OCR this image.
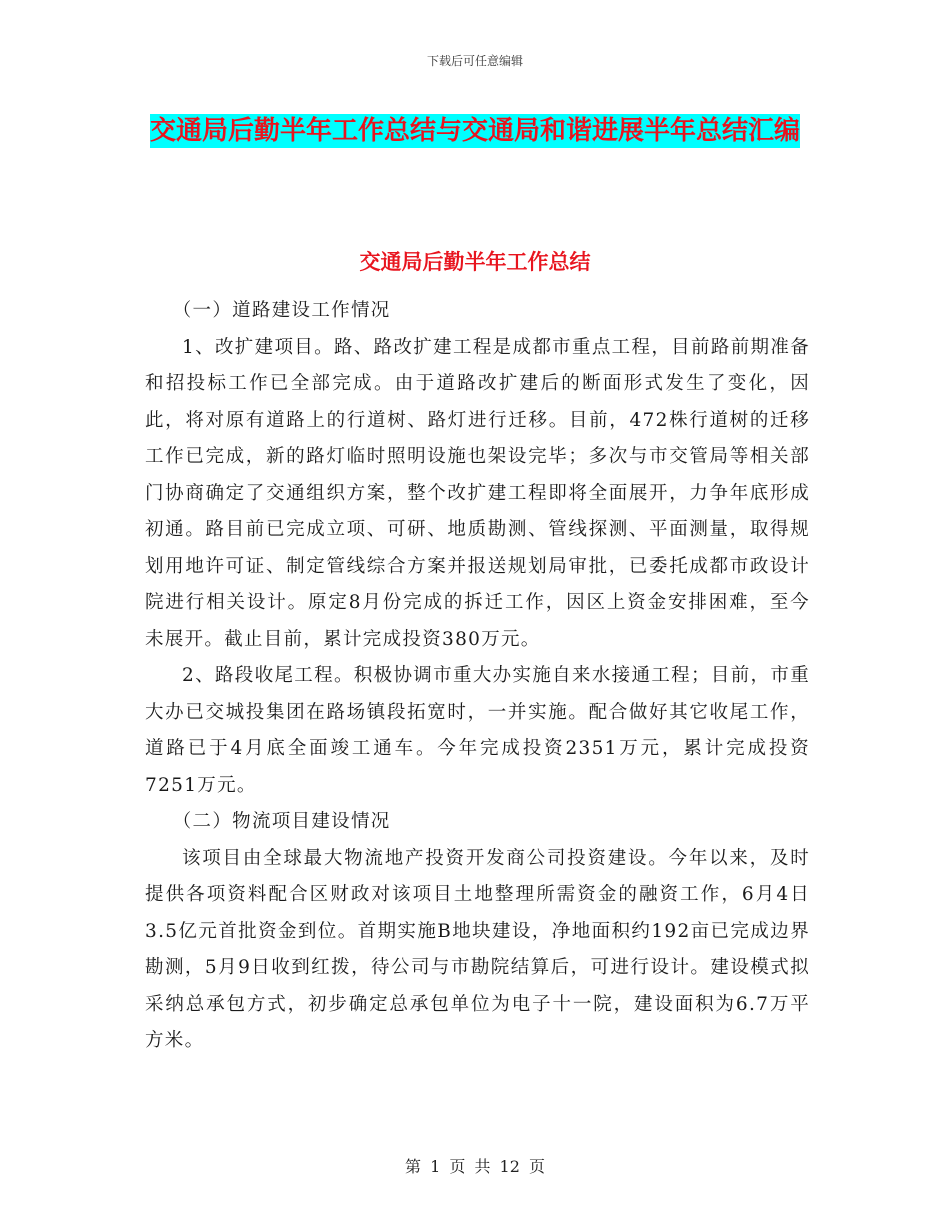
下载后可任意编辑
交通局后勤半年工作总结与交通局和谐进展半年总结汇编
交通局后勤半年工作总结

（一）道路建设工作情况

1、改扩建项目。路、路改扩建工程是成都市重点工程，目前路前期准备和招投标工作已全部完成。由于道路改扩建后的断面形式发生了变化，因此，将对原有道路上的行道树、路灯进行迁移。目前，472株行道树的迁移工作已完成，新的路灯临时照明设施也架设完毕；多次与市交管局等相关部门协商确定了交通组织方案，整个改扩建工程即将全面展开，力争年底形成初通。路目前已完成立项、可研、地质勘测、管线探测、平面测量，取得规划用地许可证、制定管线综合方案并报送规划局审批，已委托成都市政设计院进行相关设计。原定8月份完成的拆迁工作，因区上资金安排困难，至今未展开。截止目前，累计完成投资380万元。

2、路段收尾工程。积极协调市重大办实施自来水接通工程；目前，市重大办已交城投集团在路场镇段拓宽时，一并实施。配合做好其它收尾工作，道路已于4月底全面竣工通车。今年完成投资2351万元，累计完成投资7251万元。

（二）物流项目建设情况

该项目由全球最大物流地产投资开发商公司投资建设。今年以来，及时提供各项资料配合区财政对该项目土地整理所需资金的融资工作，6月4日3.5亿元首批资金到位。首期实施B地块建设，净地面积约192亩已完成边界勘测，5月9日收到红拨，待公司与市勘院结算后，可进行设计。建设模式拟采纳总承包方式，初步确定总承包单位为电子十一院，建设面积为6.7万平方米。

第 1 页 共 12 页
